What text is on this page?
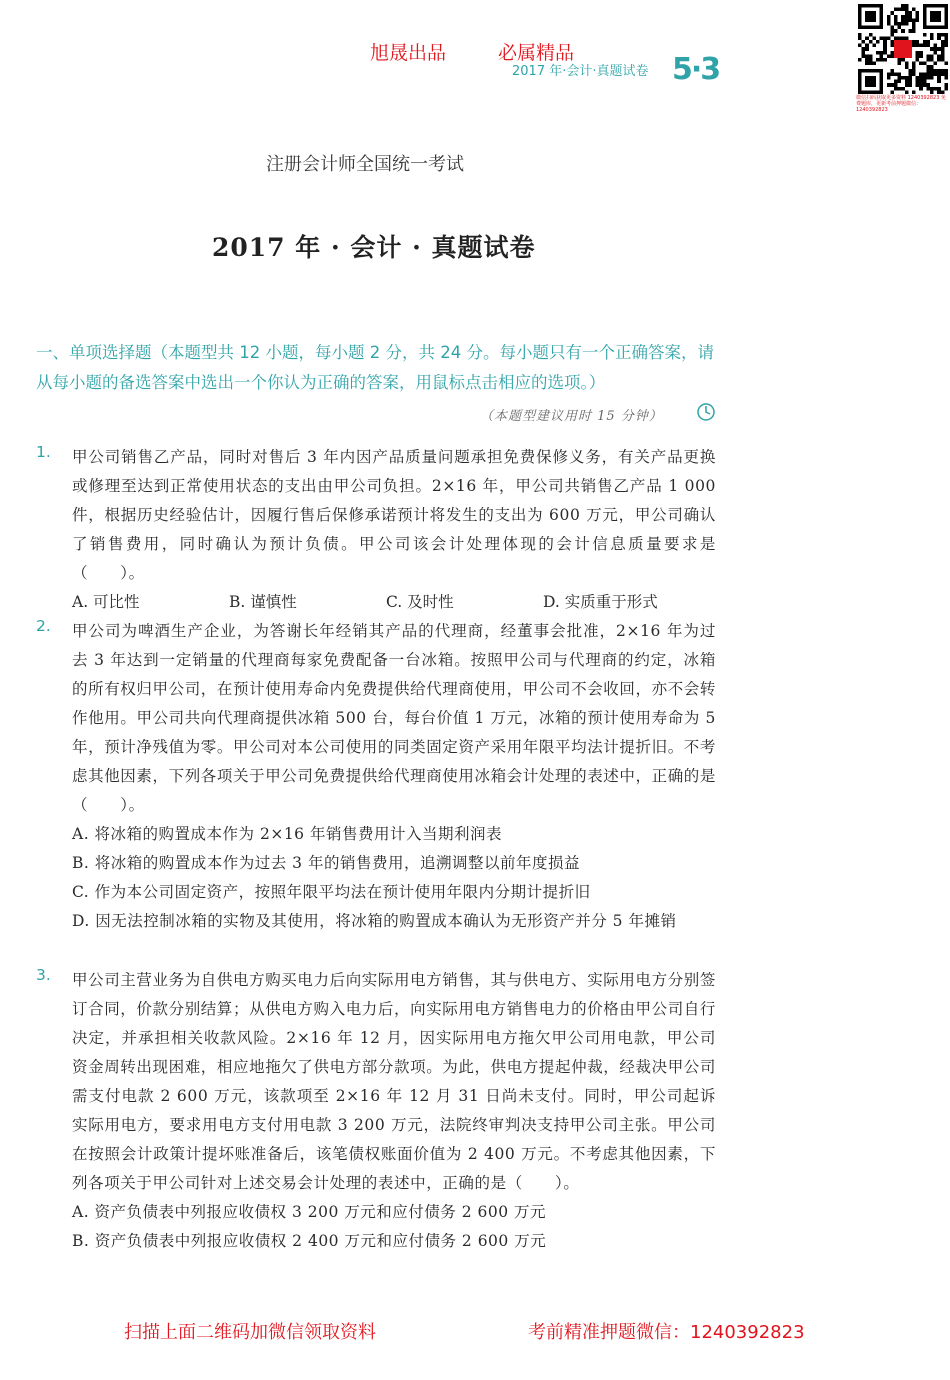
旭晟出品	必属精品
2017 年·会计·真题试卷 5·3
微信扫码获取更多资料 1240392823 免费题库，更新考前押题微信：1240392823
注册会计师全国统一考试
2017 年 · 会计 · 真题试卷
一、单项选择题（本题型共 12 小题，每小题 2 分，共 24 分。每小题只有一个正确答案，请从每小题的备选答案中选出一个你认为正确的答案，用鼠标点击相应的选项。）
（本题型建议用时 15 分钟）
1. 甲公司销售乙产品，同时对售后 3 年内因产品质量问题承担免费保修义务，有关产品更换或修理至达到正常使用状态的支出由甲公司负担。2×16 年，甲公司共销售乙产品 1 000 件，根据历史经验估计，因履行售后保修承诺预计将发生的支出为 600 万元，甲公司确认了销售费用，同时确认为预计负债。甲公司该会计处理体现的会计信息质量要求是（　　）。
A. 可比性	B. 谨慎性	C. 及时性	D. 实质重于形式
2. 甲公司为啤酒生产企业，为答谢长年经销其产品的代理商，经董事会批准，2×16 年为过去 3 年达到一定销量的代理商每家免费配备一台冰箱。按照甲公司与代理商的约定，冰箱的所有权归甲公司，在预计使用寿命内免费提供给代理商使用，甲公司不会收回，亦不会转作他用。甲公司共向代理商提供冰箱 500 台，每台价值 1 万元，冰箱的预计使用寿命为 5 年，预计净残值为零。甲公司对本公司使用的同类固定资产采用年限平均法计提折旧。不考虑其他因素，下列各项关于甲公司免费提供给代理商使用冰箱会计处理的表述中，正确的是（　　）。
A. 将冰箱的购置成本作为 2×16 年销售费用计入当期利润表
B. 将冰箱的购置成本作为过去 3 年的销售费用，追溯调整以前年度损益
C. 作为本公司固定资产，按照年限平均法在预计使用年限内分期计提折旧
D. 因无法控制冰箱的实物及其使用，将冰箱的购置成本确认为无形资产并分 5 年摊销
3. 甲公司主营业务为自供电方购买电力后向实际用电方销售，其与供电方、实际用电方分别签订合同，价款分别结算；从供电方购入电力后，向实际用电方销售电力的价格由甲公司自行决定，并承担相关收款风险。2×16 年 12 月，因实际用电方拖欠甲公司用电款，甲公司资金周转出现困难，相应地拖欠了供电方部分款项。为此，供电方提起仲裁，经裁决甲公司需支付电款 2 600 万元，该款项至 2×16 年 12 月 31 日尚未支付。同时，甲公司起诉实际用电方，要求用电方支付用电款 3 200 万元，法院终审判决支持甲公司主张。甲公司在按照会计政策计提坏账准备后，该笔债权账面价值为 2 400 万元。不考虑其他因素，下列各项关于甲公司针对上述交易会计处理的表述中，正确的是（　　）。
A. 资产负债表中列报应收债权 3 200 万元和应付债务 2 600 万元
B. 资产负债表中列报应收债权 2 400 万元和应付债务 2 600 万元
扫描上面二维码加微信领取资料	考前精准押题微信：1240392823
